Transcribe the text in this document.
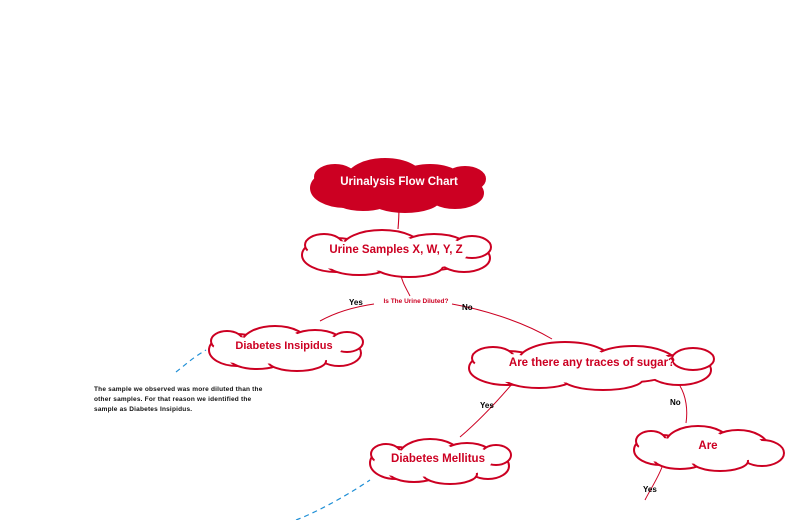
Urinalysis Flow Chart
Urine Samples X, W, Y, Z
Is The Urine Diluted?
Diabetes Insipidus
Are there any traces of sugar?
Diabetes Mellitus
Are
Yes
No
Yes	No
Yes
The sample we observed was more diluted than the other samples. For that reason we identified the sample as Diabetes Insipidus.
